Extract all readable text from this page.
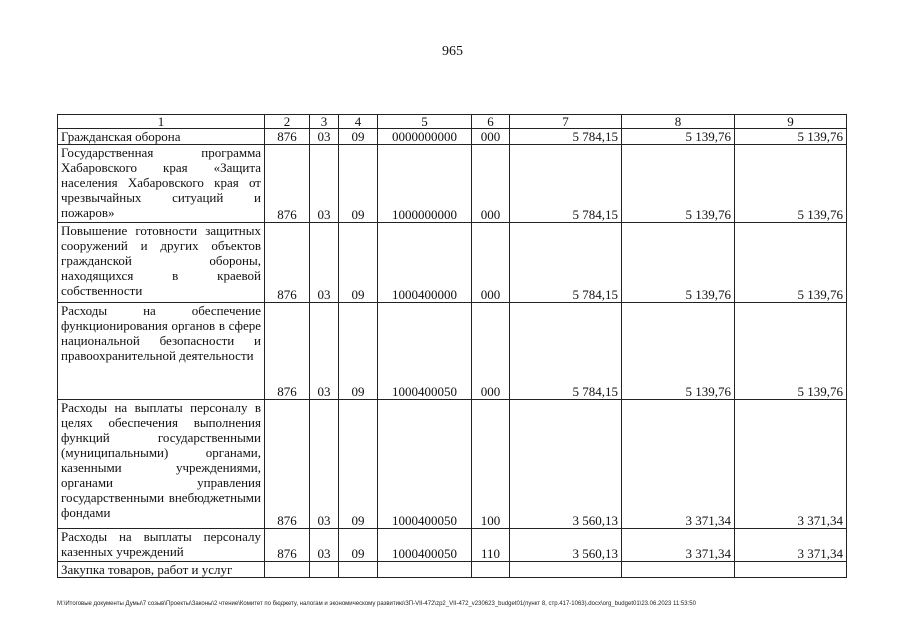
965
1	2	3	4	5	6	7	8	9
Гражданская оборона	876	03	09	0000000000	000	5 784,15	5 139,76	5 139,76
Государственная программа Хабаровского края «Защита населения Хабаровского края от чрезвычайных ситуаций и пожаров»	876	03	09	1000000000	000	5 784,15	5 139,76	5 139,76
Повышение готовности защитных сооружений и других объектов гражданской обороны, находящихся в краевой собственности	876	03	09	1000400000	000	5 784,15	5 139,76	5 139,76
Расходы на обеспечение функционирования органов в сфере национальной безопасности и правоохранительной деятельности	876	03	09	1000400050	000	5 784,15	5 139,76	5 139,76
Расходы на выплаты персоналу в целях обеспечения выполнения функций государственными (муниципальными) органами, казенными учреждениями, органами управления государственными внебюджетными фондами	876	03	09	1000400050	100	3 560,13	3 371,34	3 371,34
Расходы на выплаты персоналу казенных учреждений	876	03	09	1000400050	110	3 560,13	3 371,34	3 371,34
Закупка товаров, работ и услуг								
M:\Итоговые документы Думы\7 созыв\Проекты\Законы\2 чтение\Комитет по бюджету, налогам и экономическому развитию\ЗП-VII-472\zp2_VII-472_v230623_budget01(пункт 8, стр.417-1063).docx\org_budget01\23.06.2023 11:53:50
